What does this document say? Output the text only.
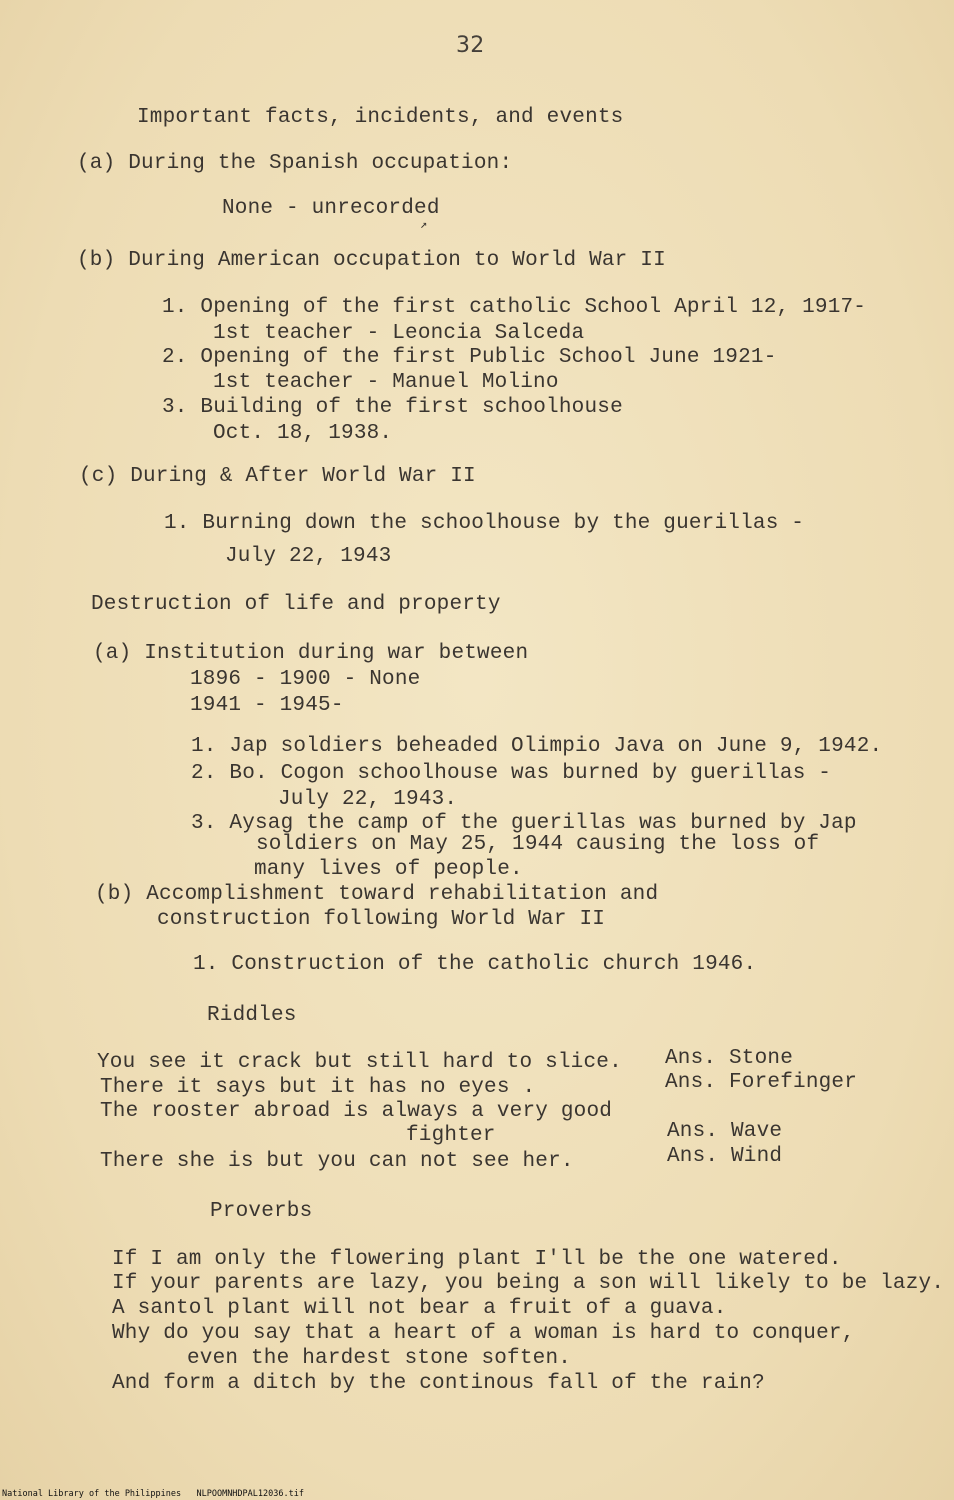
32
Important facts, incidents, and events
(a) During the Spanish occupation:
None - unrecorded
↗
(b) During American occupation to World War II
1. Opening of the first catholic School April 12, 1917-
1st teacher - Leoncia Salceda
2. Opening of the first Public School June 1921-
1st teacher - Manuel Molino
3. Building of the first schoolhouse
Oct. 18, 1938.
(c) During & After World War II
1. Burning down the schoolhouse by the guerillas -
July 22, 1943
Destruction of life and property
(a) Institution during war between
1896 - 1900 - None
1941 - 1945-
1. Jap soldiers beheaded Olimpio Java on June 9, 1942.
2. Bo. Cogon schoolhouse was burned by guerillas -
July 22, 1943.
3. Aysag the camp of the guerillas was burned by Jap
soldiers on May 25, 1944 causing the loss of
many lives of people.
(b) Accomplishment toward rehabilitation and
construction following World War II
1. Construction of the catholic church 1946.
Riddles
You see it crack but still hard to slice. Ans. Stone
There it says but it has no eyes .	Ans. Forefinger
The rooster abroad is always a very good
fighter	Ans. Wave
There she is but you can not see her.	Ans. Wind
Proverbs
If I am only the flowering plant I'll be the one watered.
If your parents are lazy, you being a son will likely to be lazy.
A santol plant will not bear a fruit of a guava.
Why do you say that a heart of a woman is hard to conquer,
even the hardest stone soften.
And form a ditch by the continous fall of the rain?
National Library of the Philippines NLPOOMNHDPAL12036.tif
